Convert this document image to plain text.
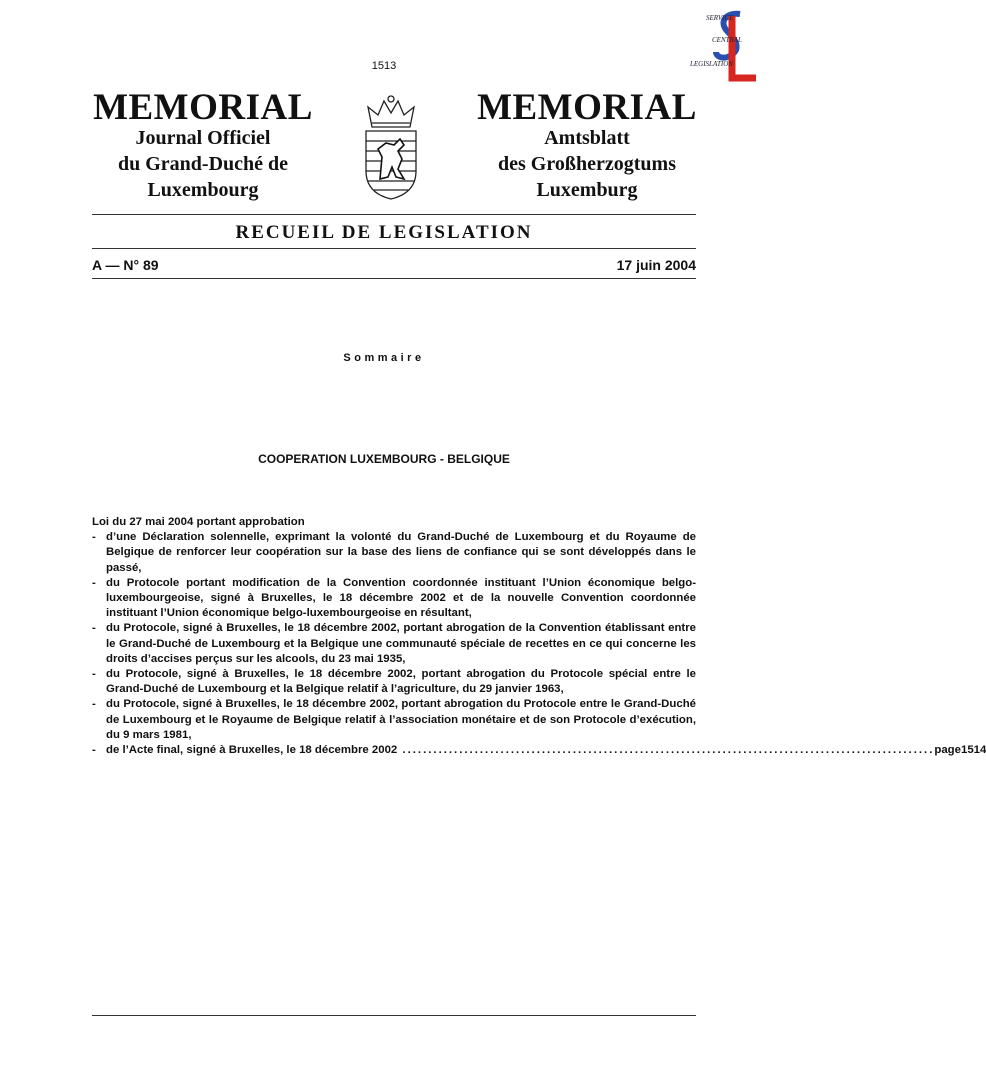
SERVICE
CENTRAL
LEGISLATION
1513
MEMORIAL
Journal Officiel
du Grand-Duché de
Luxembourg
MEMORIAL
Amtsblatt
des Großherzogtums
Luxemburg
RECUEIL DE LEGISLATION
A — N° 89	17 juin 2004
Sommaire
COOPERATION LUXEMBOURG - BELGIQUE
Loi du 27 mai 2004 portant approbation
- d’une Déclaration solennelle, exprimant la volonté du Grand-Duché de Luxembourg et du Royaume de Belgique de renforcer leur coopération sur la base des liens de confiance qui se sont développés dans le passé,
- du Protocole portant modification de la Convention coordonnée instituant l’Union économique belgo-luxembourgeoise, signé à Bruxelles, le 18 décembre 2002 et de la nouvelle Convention coordonnée instituant l’Union économique belgo-luxembourgeoise en résultant,
- du Protocole, signé à Bruxelles, le 18 décembre 2002, portant abrogation de la Convention établissant entre le Grand-Duché de Luxembourg et la Belgique une communauté spéciale de recettes en ce qui concerne les droits d’accises perçus sur les alcools, du 23 mai 1935,
- du Protocole, signé à Bruxelles, le 18 décembre 2002, portant abrogation du Protocole spécial entre le Grand-Duché de Luxembourg et la Belgique relatif à l’agriculture, du 29 janvier 1963,
- du Protocole, signé à Bruxelles, le 18 décembre 2002, portant abrogation du Protocole entre le Grand-Duché de Luxembourg et le Royaume de Belgique relatif à l’association monétaire et de son Protocole d’exécution, du 9 mars 1981,
- de l’Acte final, signé à Bruxelles, le 18 décembre 2002 ....................................................................................................... page 1514
